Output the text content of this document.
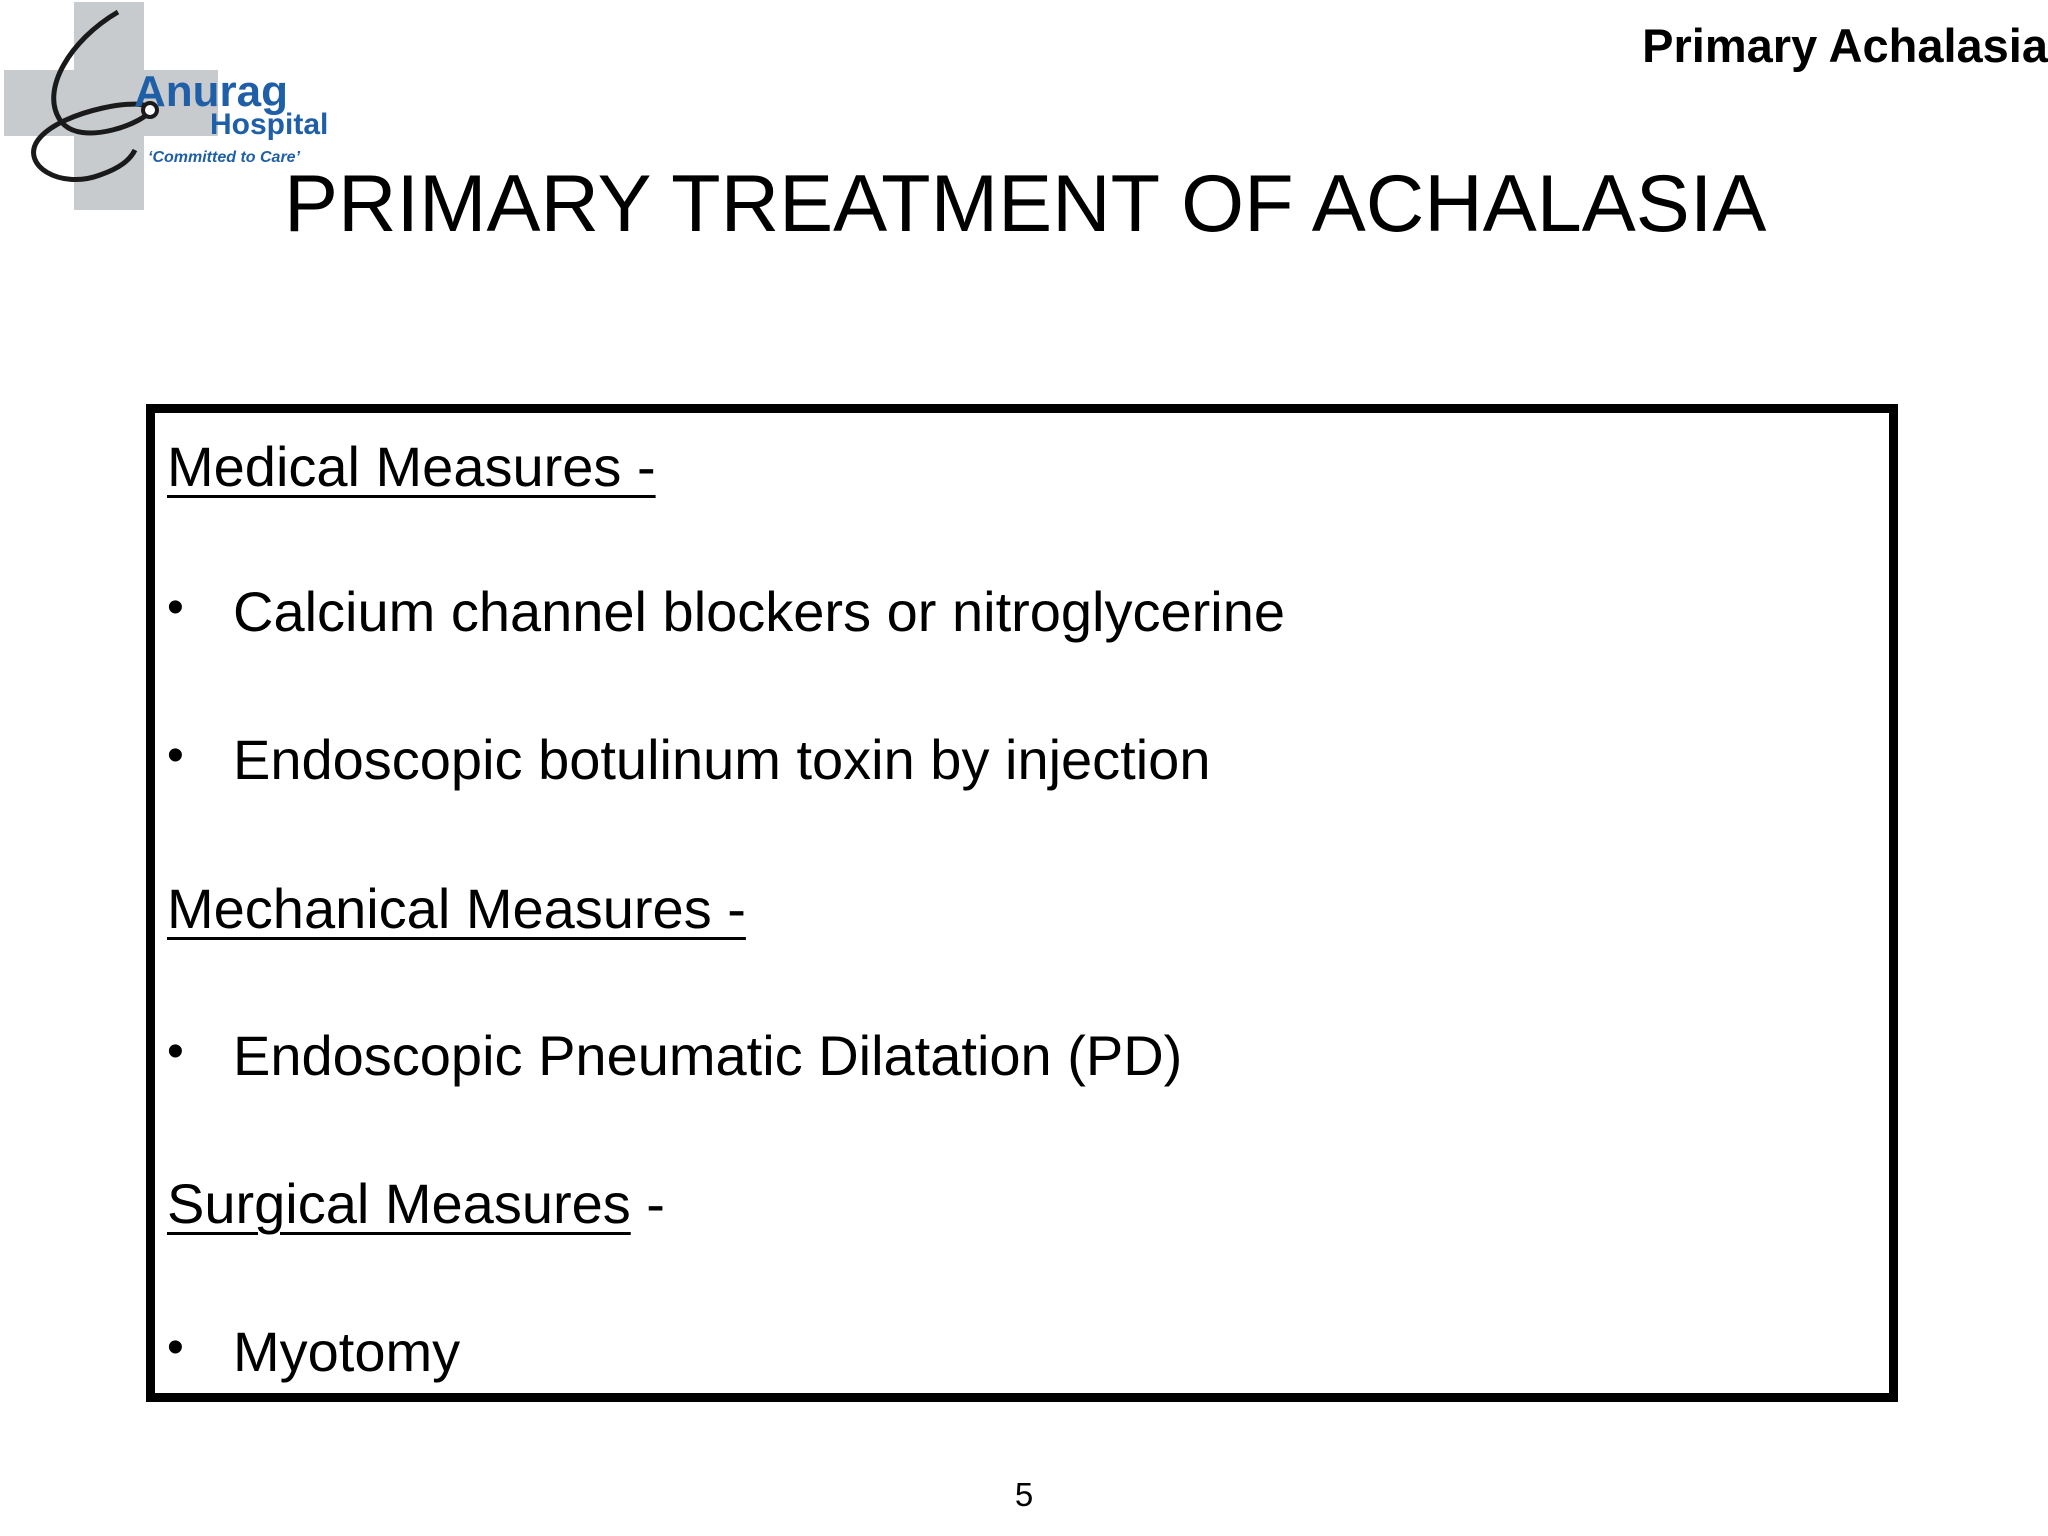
Anurag
Hospital
‘Committed to Care’
Primary Achalasia
PRIMARY TREATMENT OF ACHALASIA
Medical Measures -
• Calcium channel blockers or nitroglycerine
• Endoscopic botulinum toxin by injection
Mechanical Measures -
• Endoscopic Pneumatic Dilatation (PD)
Surgical Measures -
• Myotomy
5
